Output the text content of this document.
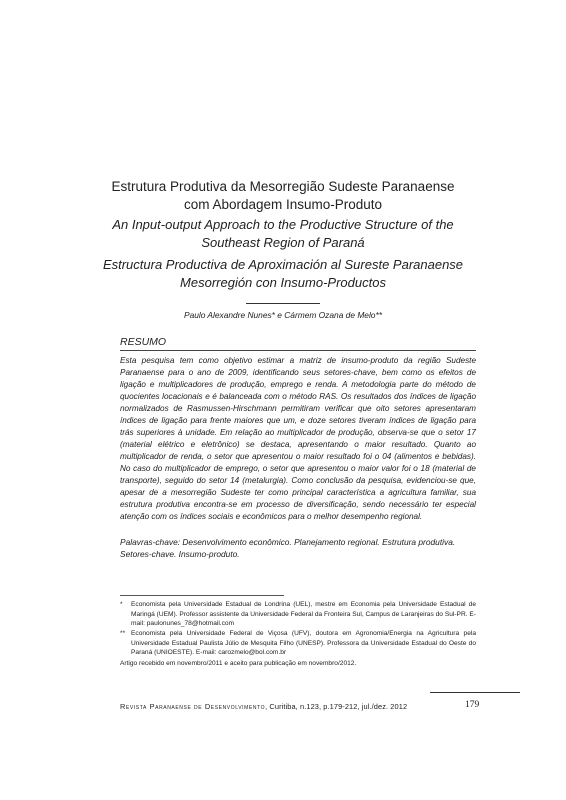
Estrutura Produtiva da Mesorregião Sudeste Paranaense
com Abordagem Insumo-Produto
An Input-output Approach to the Productive Structure of the
Southeast Region of Paraná
Estructura Productiva de Aproximación al Sureste Paranaense
Mesorregión con Insumo-Productos
Paulo Alexandre Nunes* e Cármem Ozana de Melo**
RESUMO

Esta pesquisa tem como objetivo estimar a matriz de insumo-produto da região Sudeste Paranaense para o ano de 2009, identificando seus setores-chave, bem como os efeitos de ligação e multiplicadores de produção, emprego e renda. A metodologia parte do método de quocientes locacionais e é balanceada com o método RAS. Os resultados dos índices de ligação normalizados de Rasmussen-Hirschmann permitiram verificar que oito setores apresentaram índices de ligação para frente maiores que um, e doze setores tiveram índices de ligação para trás superiores à unidade. Em relação ao multiplicador de produção, observa-se que o setor 17 (material elétrico e eletrônico) se destaca, apresentando o maior resultado. Quanto ao multiplicador de renda, o setor que apresentou o maior resultado foi o 04 (alimentos e bebidas). No caso do multiplicador de emprego, o setor que apresentou o maior valor foi o 18 (material de transporte), seguido do setor 14 (metalurgia). Como conclusão da pesquisa, evidenciou-se que, apesar de a mesorregião Sudeste ter como principal característica a agricultura familiar, sua estrutura produtiva encontra-se em processo de diversificação, sendo necessário ter especial atenção com os índices sociais e econômicos para o melhor desempenho regional.

Palavras-chave: Desenvolvimento econômico. Planejamento regional. Estrutura produtiva. Setores-chave. Insumo-produto.

*	Economista pela Universidade Estadual de Londrina (UEL), mestre em Economia pela Universidade Estadual de Maringá (UEM). Professor assistente da Universidade Federal da Fronteira Sul, Campus de Laranjeiras do Sul-PR. E-mail: paulonunes_78@hotmail.com
** Economista pela Universidade Federal de Viçosa (UFV), doutora em Agronomia/Energia na Agricultura pela Universidade Estadual Paulista Júlio de Mesquita Filho (UNESP). Professora da Universidade Estadual do Oeste do Paraná (UNIOESTE). E-mail: carozmelo@bol.com.br
Artigo recebido em novembro/2011 e aceito para publicação em novembro/2012.
Revista Paranaense de Desenvolvimento, Curitiba, n.123, p.179-212, jul./dez. 2012	179
